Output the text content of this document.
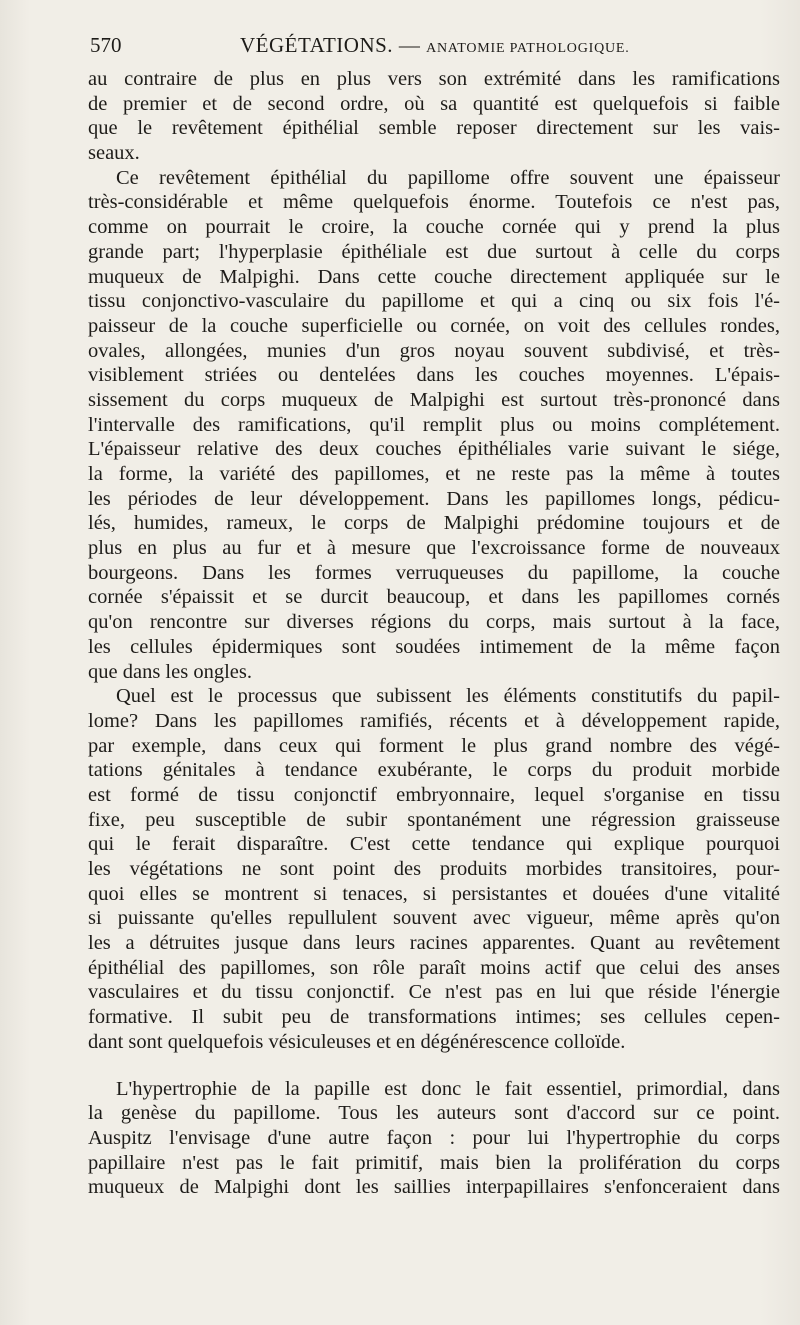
570	VÉGÉTATIONS. — ANATOMIE PATHOLOGIQUE.
au contraire de plus en plus vers son extrémité dans les ramifications
de premier et de second ordre, où sa quantité est quelquefois si faible
que le revêtement épithélial semble reposer directement sur les vais-
seaux.
Ce revêtement épithélial du papillome offre souvent une épaisseur
très-considérable et même quelquefois énorme. Toutefois ce n'est pas,
comme on pourrait le croire, la couche cornée qui y prend la plus
grande part; l'hyperplasie épithéliale est due surtout à celle du corps
muqueux de Malpighi. Dans cette couche directement appliquée sur le
tissu conjonctivo-vasculaire du papillome et qui a cinq ou six fois l'é-
paisseur de la couche superficielle ou cornée, on voit des cellules rondes,
ovales, allongées, munies d'un gros noyau souvent subdivisé, et très-
visiblement striées ou dentelées dans les couches moyennes. L'épais-
sissement du corps muqueux de Malpighi est surtout très-prononcé dans
l'intervalle des ramifications, qu'il remplit plus ou moins complétement.
L'épaisseur relative des deux couches épithéliales varie suivant le siége,
la forme, la variété des papillomes, et ne reste pas la même à toutes
les périodes de leur développement. Dans les papillomes longs, pédicu-
lés, humides, rameux, le corps de Malpighi prédomine toujours et de
plus en plus au fur et à mesure que l'excroissance forme de nouveaux
bourgeons. Dans les formes verruqueuses du papillome, la couche
cornée s'épaissit et se durcit beaucoup, et dans les papillomes cornés
qu'on rencontre sur diverses régions du corps, mais surtout à la face,
les cellules épidermiques sont soudées intimement de la même façon
que dans les ongles.
Quel est le processus que subissent les éléments constitutifs du papil-
lome? Dans les papillomes ramifiés, récents et à développement rapide,
par exemple, dans ceux qui forment le plus grand nombre des végé-
tations génitales à tendance exubérante, le corps du produit morbide
est formé de tissu conjonctif embryonnaire, lequel s'organise en tissu
fixe, peu susceptible de subir spontanément une régression graisseuse
qui le ferait disparaître. C'est cette tendance qui explique pourquoi
les végétations ne sont point des produits morbides transitoires, pour-
quoi elles se montrent si tenaces, si persistantes et douées d'une vitalité
si puissante qu'elles repullulent souvent avec vigueur, même après qu'on
les a détruites jusque dans leurs racines apparentes. Quant au revêtement
épithélial des papillomes, son rôle paraît moins actif que celui des anses
vasculaires et du tissu conjonctif. Ce n'est pas en lui que réside l'énergie
formative. Il subit peu de transformations intimes; ses cellules cepen-
dant sont quelquefois vésiculeuses et en dégénérescence colloïde.
L'hypertrophie de la papille est donc le fait essentiel, primordial, dans
la genèse du papillome. Tous les auteurs sont d'accord sur ce point.
Auspitz l'envisage d'une autre façon : pour lui l'hypertrophie du corps
papillaire n'est pas le fait primitif, mais bien la prolifération du corps
muqueux de Malpighi dont les saillies interpapillaires s'enfonceraient dans
